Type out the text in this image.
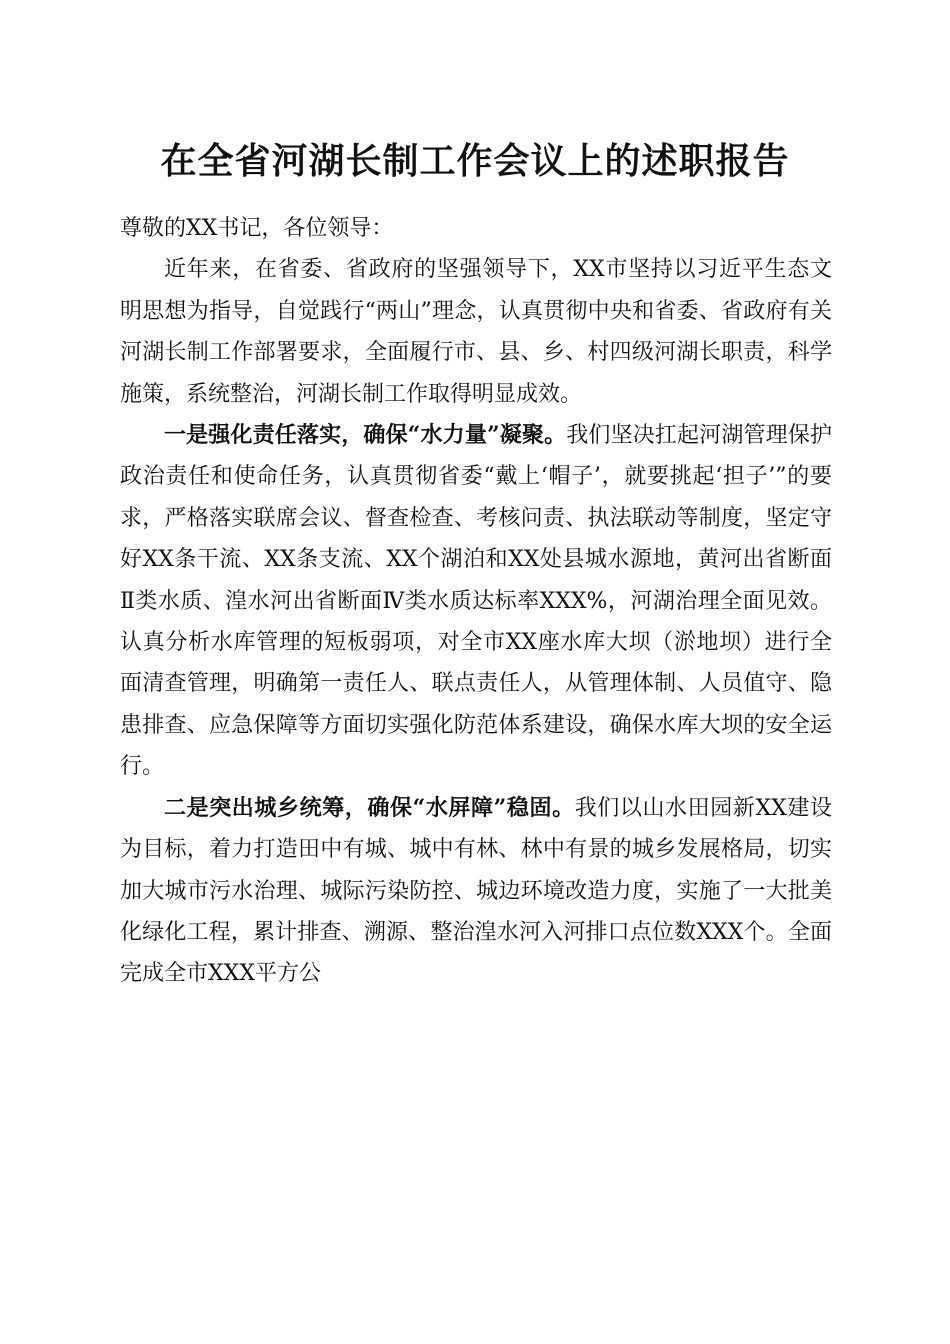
在全省河湖长制工作会议上的述职报告

尊敬的XX书记，各位领导：

近年来，在省委、省政府的坚强领导下，XX市坚持以习近平生态文明思想为指导，自觉践行“两山”理念，认真贯彻中央和省委、省政府有关河湖长制工作部署要求，全面履行市、县、乡、村四级河湖长职责，科学施策，系统整治，河湖长制工作取得明显成效。

一是强化责任落实，确保“水力量”凝聚。我们坚决扛起河湖管理保护政治责任和使命任务，认真贯彻省委“戴上‘帽子’，就要挑起‘担子’”的要求，严格落实联席会议、督查检查、考核问责、执法联动等制度，坚定守好XX条干流、XX条支流、XX个湖泊和XX处县城水源地，黄河出省断面Ⅱ类水质、湟水河出省断面Ⅳ类水质达标率XXX%，河湖治理全面见效。认真分析水库管理的短板弱项，对全市XX座水库大坝（淤地坝）进行全面清查管理，明确第一责任人、联点责任人，从管理体制、人员值守、隐患排查、应急保障等方面切实强化防范体系建设，确保水库大坝的安全运行。

二是突出城乡统筹，确保“水屏障”稳固。我们以山水田园新XX建设为目标，着力打造田中有城、城中有林、林中有景的城乡发展格局，切实加大城市污水治理、城际污染防控、城边环境改造力度，实施了一大批美化绿化工程，累计排查、溯源、整治湟水河入河排口点位数XXX个。全面完成全市XXX平方公
